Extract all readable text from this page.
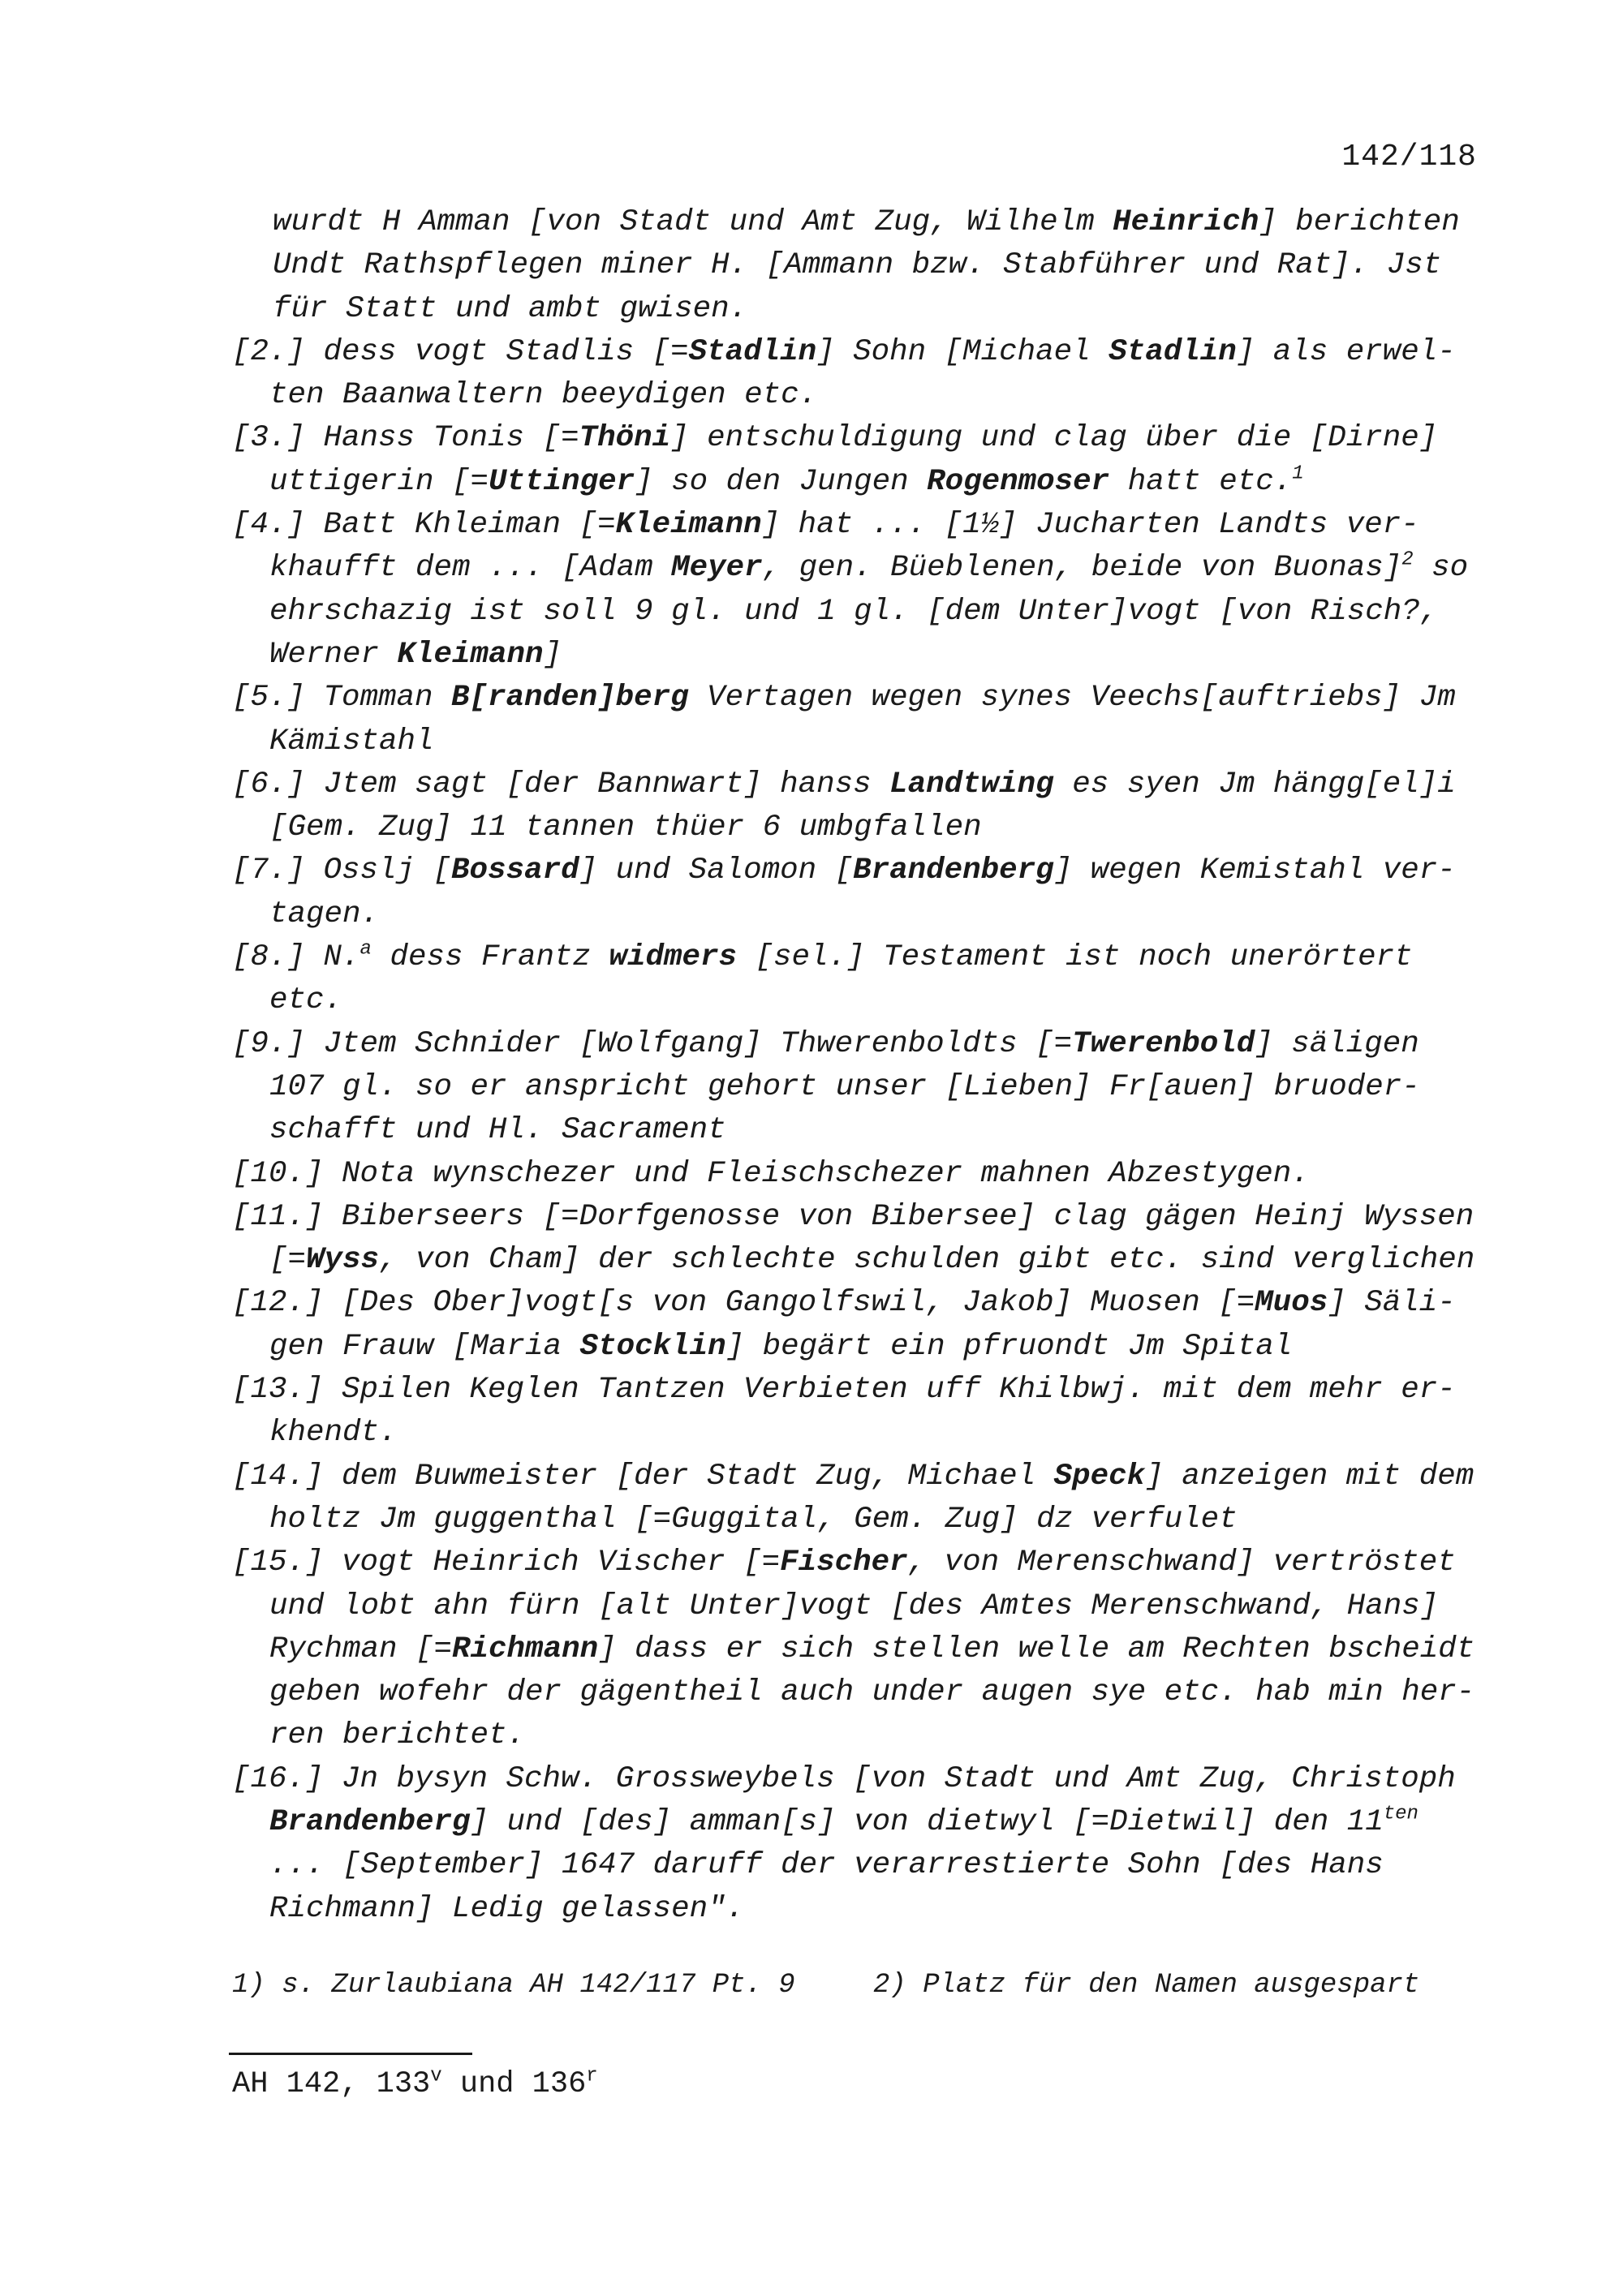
142/118
wurdt H Amman [von Stadt und Amt Zug, Wilhelm Heinrich] berichten Undt Rathspflegen miner H. [Ammann bzw. Stabführer und Rat]. Jst für Statt und ambt gwisen.
[2.] dess vogt Stadlis [=Stadlin] Sohn [Michael Stadlin] als erwel-ten Baanwaltern beeydigen etc.
[3.] Hanss Tonis [=Thöni] entschuldigung und clag über die [Dirne] uttigerin [=Uttinger] so den Jungen Rogenmoser hatt etc.$^1$
[4.] Batt Khleiman [=Kleimann] hat ... [1½] Jucharten Landts ver-khaufft dem ... [Adam Meyer, gen. Büeblenen, beide von Buonas]$^2$ so ehrschazig ist soll 9 gl. und 1 gl. [dem Unter]vogt [von Risch?, Werner Kleimann]
[5.] Tomman B[randen]berg Vertagen wegen synes Veechs[auftriebs] Jm Kämistahl
[6.] Jtem sagt [der Bannwart] hanss Landtwing es syen Jm hängg[el]i [Gem. Zug] 11 tannen thüer 6 umbgfallen
[7.] Osslj [Bossard] und Salomon [Brandenberg] wegen Kemistahl ver-tagen.
[8.] N.$^a$ dess Frantz widmers [sel.] Testament ist noch unerörtert etc.
[9.] Jtem Schnider [Wolfgang] Thwerenboldts [=Twerenbold] säligen 107 gl. so er anspricht gehort unser [Lieben] Fr[auen] bruoder-schafft und Hl. Sacrament
[10.] Nota wynschezer und Fleischschezer mahnen Abzestygen.
[11.] Biberseers [=Dorfgenosse von Bibersee] clag gägen Heinj Wyssen [=Wyss, von Cham] der schlechte schulden gibt etc. sind verglichen
[12.] [Des Ober]vogt[s von Gangolfswil, Jakob] Muosen [=Muos] Säli-gen Frauw [Maria Stocklin] begärt ein pfruondt Jm Spital
[13.] Spilen Keglen Tantzen Verbieten uff Khilbwj. mit dem mehr er-khendt.
[14.] dem Buwmeister [der Stadt Zug, Michael Speck] anzeigen mit dem holtz Jm guggenthal [=Guggital, Gem. Zug] dz verfulet
[15.] vogt Heinrich Vischer [=Fischer, von Merenschwand] vertröstet und lobt ahn fürn [alt Unter]vogt [des Amtes Merenschwand, Hans] Rychman [=Richmann] dass er sich stellen welle am Rechten bscheidt geben wofehr der gägentheil auch under augen sye etc. hab min her-ren berichtet.
[16.] Jn bysyn Schw. Grossweybels [von Stadt und Amt Zug, Christoph Brandenberg] und [des] amman[s] von dietwyl [=Dietwil] den $11^{ten}$ ... [September] 1647 daruff der verarrestierte Sohn [des Hans Richmann] Ledig gelassen".
1) s. Zurlaubiana AH 142/117 Pt. 9	2) Platz für den Namen ausgespart
AH 142, 133$^v$ und 136$^r$
